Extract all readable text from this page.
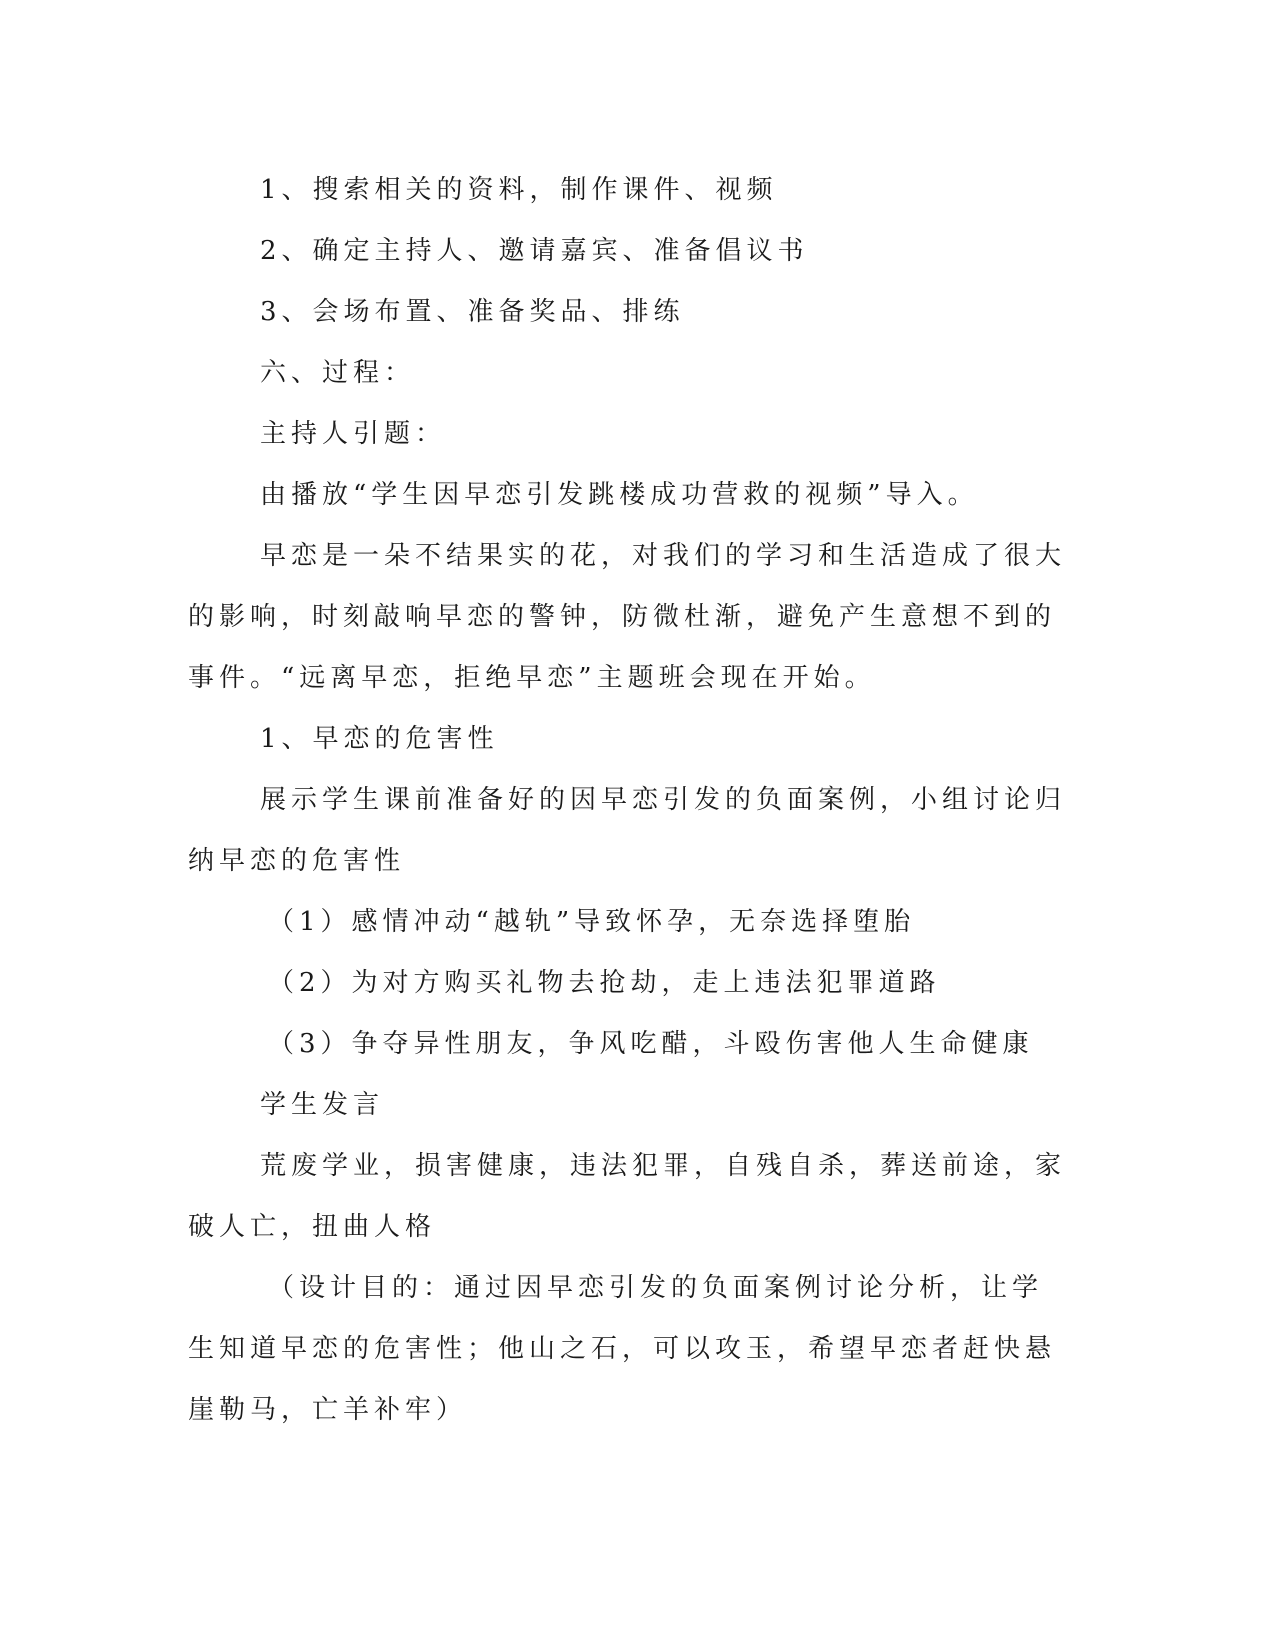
1、搜索相关的资料，制作课件、视频

2、确定主持人、邀请嘉宾、准备倡议书

3、会场布置、准备奖品、排练

六、过程：

主持人引题：

由播放“学生因早恋引发跳楼成功营救的视频”导入。

早恋是一朵不结果实的花，对我们的学习和生活造成了很大的影响，时刻敲响早恋的警钟，防微杜渐，避免产生意想不到的事件。“远离早恋，拒绝早恋”主题班会现在开始。

1、早恋的危害性

展示学生课前准备好的因早恋引发的负面案例，小组讨论归纳早恋的危害性

（1）感情冲动“越轨”导致怀孕，无奈选择堕胎

（2）为对方购买礼物去抢劫，走上违法犯罪道路

（3）争夺异性朋友，争风吃醋，斗殴伤害他人生命健康

学生发言

荒废学业，损害健康，违法犯罪，自残自杀，葬送前途，家破人亡，扭曲人格

（设计目的：通过因早恋引发的负面案例讨论分析，让学生知道早恋的危害性；他山之石，可以攻玉，希望早恋者赶快悬崖勒马，亡羊补牢）
